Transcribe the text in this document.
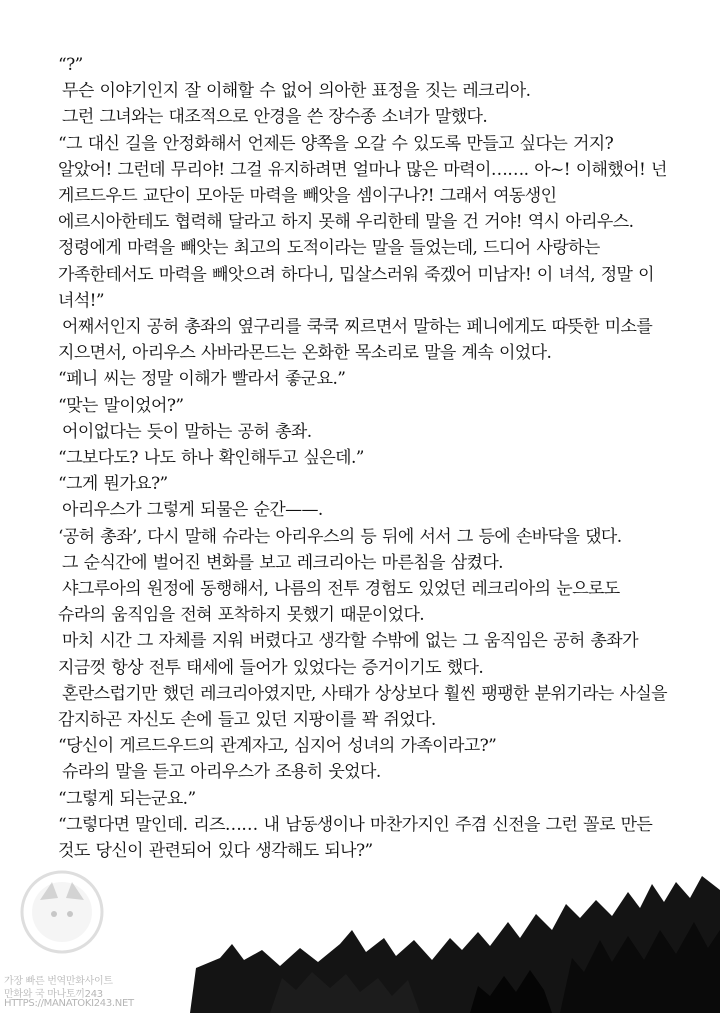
“?”

무슨 이야기인지 잘 이해할 수 없어 의아한 표정을 짓는 레크리아.

그런 그녀와는 대조적으로 안경을 쓴 장수종 소녀가 말했다.

“그 대신 길을 안정화해서 언제든 양쪽을 오갈 수 있도록 만들고 싶다는 거지? 알았어! 그런데 무리야! 그걸 유지하려면 얼마나 많은 마력이……. 아~! 이해했어! 넌 게르드우드 교단이 모아둔 마력을 빼앗을 셈이구나?! 그래서 여동생인 에르시아한테도 협력해 달라고 하지 못해 우리한테 말을 건 거야! 역시 아리우스. 정령에게 마력을 빼앗는 최고의 도적이라는 말을 들었는데, 드디어 사랑하는 가족한테서도 마력을 빼앗으려 하다니, 밉살스러워 죽겠어 미남자! 이 녀석, 정말 이 녀석!”

어째서인지 공허 총좌의 옆구리를 쿡쿡 찌르면서 말하는 페니에게도 따뜻한 미소를 지으면서, 아리우스 사바라몬드는 온화한 목소리로 말을 계속 이었다.

“페니 씨는 정말 이해가 빨라서 좋군요.”

“맞는 말이었어?”

어이없다는 듯이 말하는 공허 총좌.

“그보다도? 나도 하나 확인해두고 싶은데.”

“그게 뭔가요?”

아리우스가 그렇게 되물은 순간——.

‘공허 총좌’, 다시 말해 슈라는 아리우스의 등 뒤에 서서 그 등에 손바닥을 댔다.

그 순식간에 벌어진 변화를 보고 레크리아는 마른침을 삼켰다.

샤그루아의 원정에 동행해서, 나름의 전투 경험도 있었던 레크리아의 눈으로도 슈라의 움직임을 전혀 포착하지 못했기 때문이었다.

마치 시간 그 자체를 지워 버렸다고 생각할 수밖에 없는 그 움직임은 공허 총좌가 지금껏 항상 전투 태세에 들어가 있었다는 증거이기도 했다.

혼란스럽기만 했던 레크리아였지만, 사태가 상상보다 훨씬 팽팽한 분위기라는 사실을 감지하곤 자신도 손에 들고 있던 지팡이를 꽉 쥐었다.

“당신이 게르드우드의 관계자고, 심지어 성녀의 가족이라고?”

슈라의 말을 듣고 아리우스가 조용히 웃었다.

“그렇게 되는군요.”

“그렇다면 말인데. 리즈…… 내 남동생이나 마찬가지인 주겸 신전을 그런 꼴로 만든 것도 당신이 관련되어 있다 생각해도 되나?”

가장 빠른 번역만화사이트
만화와 국 마나토끼243
HTTPS://MANATOKI243.NET
